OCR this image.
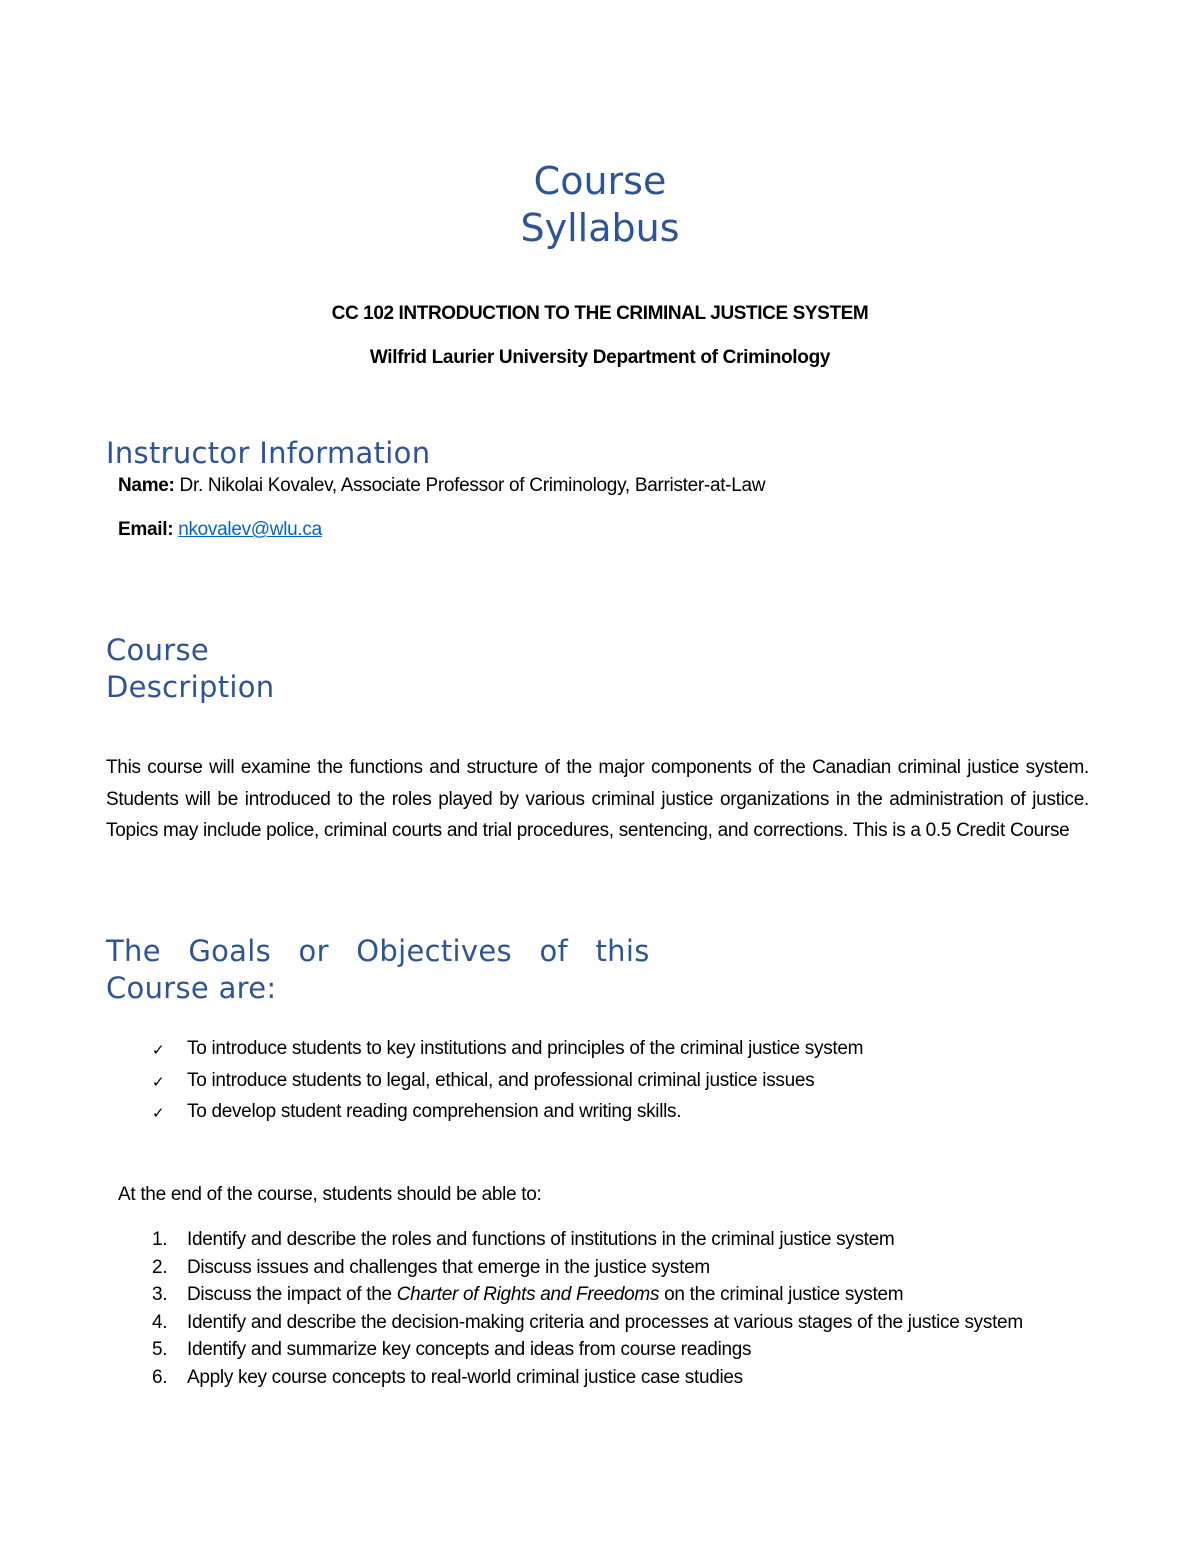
Course
Syllabus
CC 102 INTRODUCTION TO THE CRIMINAL JUSTICE SYSTEM
Wilfrid Laurier University Department of Criminology
Instructor Information
Name: Dr. Nikolai Kovalev, Associate Professor of Criminology, Barrister-at-Law
Email: nkovalev@wlu.ca
Course
Description

This course will examine the functions and structure of the major components of the Canadian criminal justice system. Students will be introduced to the roles played by various criminal justice organizations in the administration of justice. Topics may include police, criminal courts and trial procedures, sentencing, and corrections. This is a 0.5 Credit Course

The Goals or Objectives of this
Course are:
✓ To introduce students to key institutions and principles of the criminal justice system
✓ To introduce students to legal, ethical, and professional criminal justice issues
✓ To develop student reading comprehension and writing skills.
At the end of the course, students should be able to:
1. Identify and describe the roles and functions of institutions in the criminal justice system
2. Discuss issues and challenges that emerge in the justice system
3. Discuss the impact of the Charter of Rights and Freedoms on the criminal justice system
4. Identify and describe the decision-making criteria and processes at various stages of the justice system
5. Identify and summarize key concepts and ideas from course readings
6. Apply key course concepts to real-world criminal justice case studies
